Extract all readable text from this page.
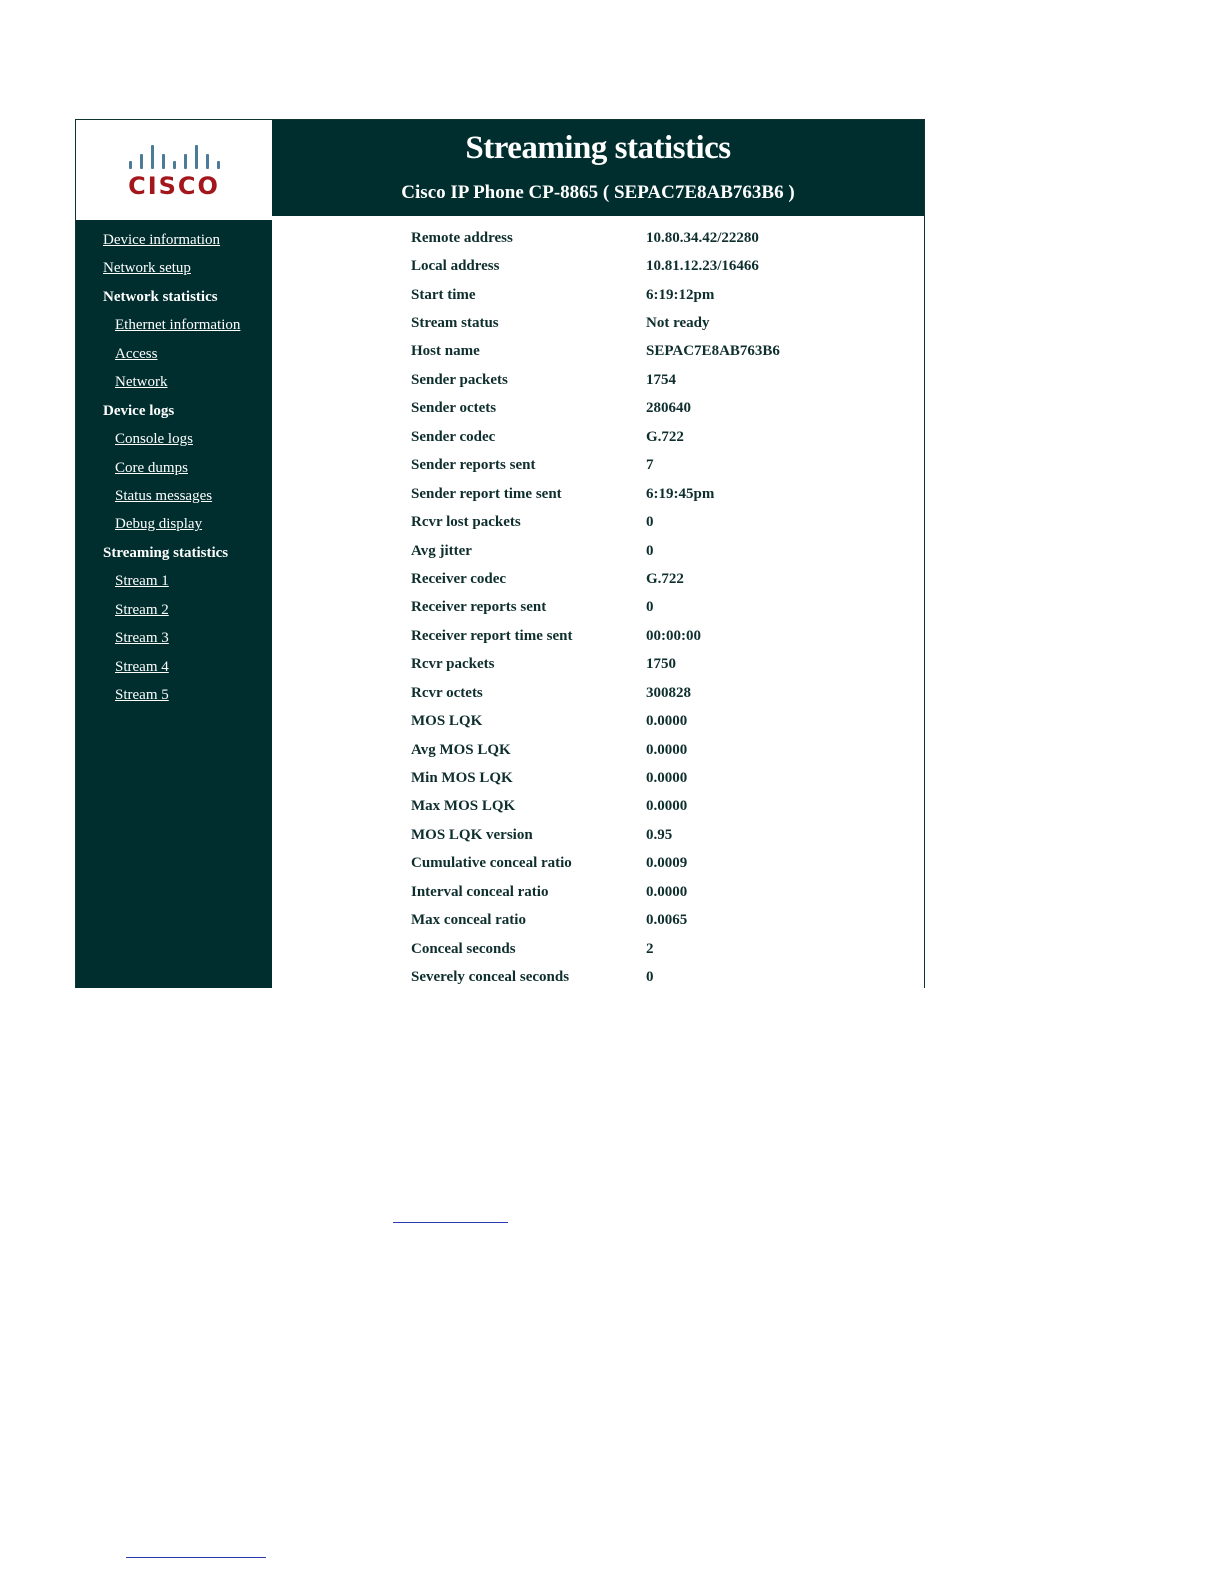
CISCO
Streaming statistics
Cisco IP Phone CP-8865 ( SEPAC7E8AB763B6 )
Device information
Network setup
Network statistics
Ethernet information
Access
Network
Device logs
Console logs
Core dumps
Status messages
Debug display
Streaming statistics
Stream 1
Stream 2
Stream 3
Stream 4
Stream 5
Remote address	10.80.34.42/22280
Local address	10.81.12.23/16466
Start time	6:19:12pm
Stream status	Not ready
Host name	SEPAC7E8AB763B6
Sender packets	1754
Sender octets	280640
Sender codec	G.722
Sender reports sent	7
Sender report time sent	6:19:45pm
Rcvr lost packets	0
Avg jitter	0
Receiver codec	G.722
Receiver reports sent	0
Receiver report time sent	00:00:00
Rcvr packets	1750
Rcvr octets	300828
MOS LQK	0.0000
Avg MOS LQK	0.0000
Min MOS LQK	0.0000
Max MOS LQK	0.0000
MOS LQK version	0.95
Cumulative conceal ratio	0.0009
Interval conceal ratio	0.0000
Max conceal ratio	0.0065
Conceal seconds	2
Severely conceal seconds	0
